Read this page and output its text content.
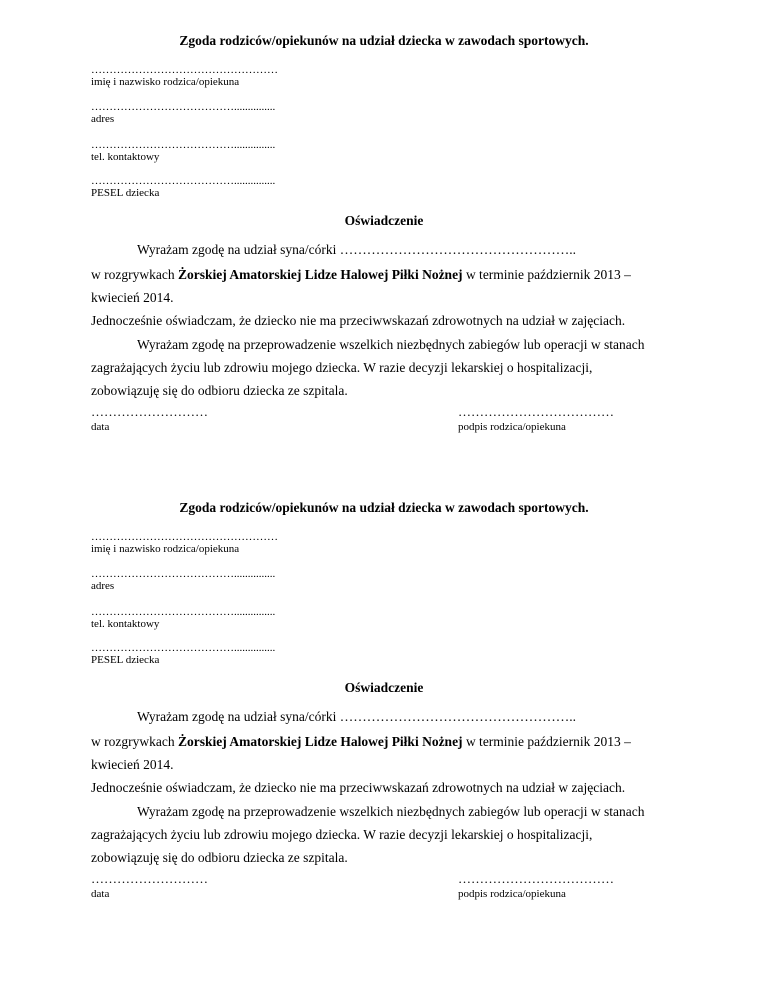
Zgoda rodziców/opiekunów na udział dziecka w zawodach sportowych.
……………………………………………
imię i nazwisko rodzica/opiekuna
…………………………………...............
adres
…………………………………...............
tel. kontaktowy
…………………………………...............
PESEL dziecka
Oświadczenie
Wyrażam zgodę na udział syna/córki ……………………………………………..
w rozgrywkach Żorskiej Amatorskiej Lidze Halowej Piłki Nożnej w terminie październik 2013 –
kwiecień 2014.
Jednocześnie oświadczam, że dziecko nie ma przeciwwskazań zdrowotnych na udział w zajęciach.
Wyrażam zgodę na przeprowadzenie wszelkich niezbędnych zabiegów lub operacji w stanach
zagrażających życiu lub zdrowiu mojego dziecka. W razie decyzji lekarskiej o hospitalizacji,
zobowiązuję się do odbioru dziecka ze szpitala.
………………………	………………………………
data	podpis rodzica/opiekuna
Zgoda rodziców/opiekunów na udział dziecka w zawodach sportowych.
……………………………………………
imię i nazwisko rodzica/opiekuna
…………………………………...............
adres
…………………………………...............
tel. kontaktowy
…………………………………...............
PESEL dziecka
Oświadczenie
Wyrażam zgodę na udział syna/córki ……………………………………………..
w rozgrywkach Żorskiej Amatorskiej Lidze Halowej Piłki Nożnej w terminie październik 2013 –
kwiecień 2014.
Jednocześnie oświadczam, że dziecko nie ma przeciwwskazań zdrowotnych na udział w zajęciach.
Wyrażam zgodę na przeprowadzenie wszelkich niezbędnych zabiegów lub operacji w stanach
zagrażających życiu lub zdrowiu mojego dziecka. W razie decyzji lekarskiej o hospitalizacji,
zobowiązuję się do odbioru dziecka ze szpitala.
………………………	………………………………
data	podpis rodzica/opiekuna
